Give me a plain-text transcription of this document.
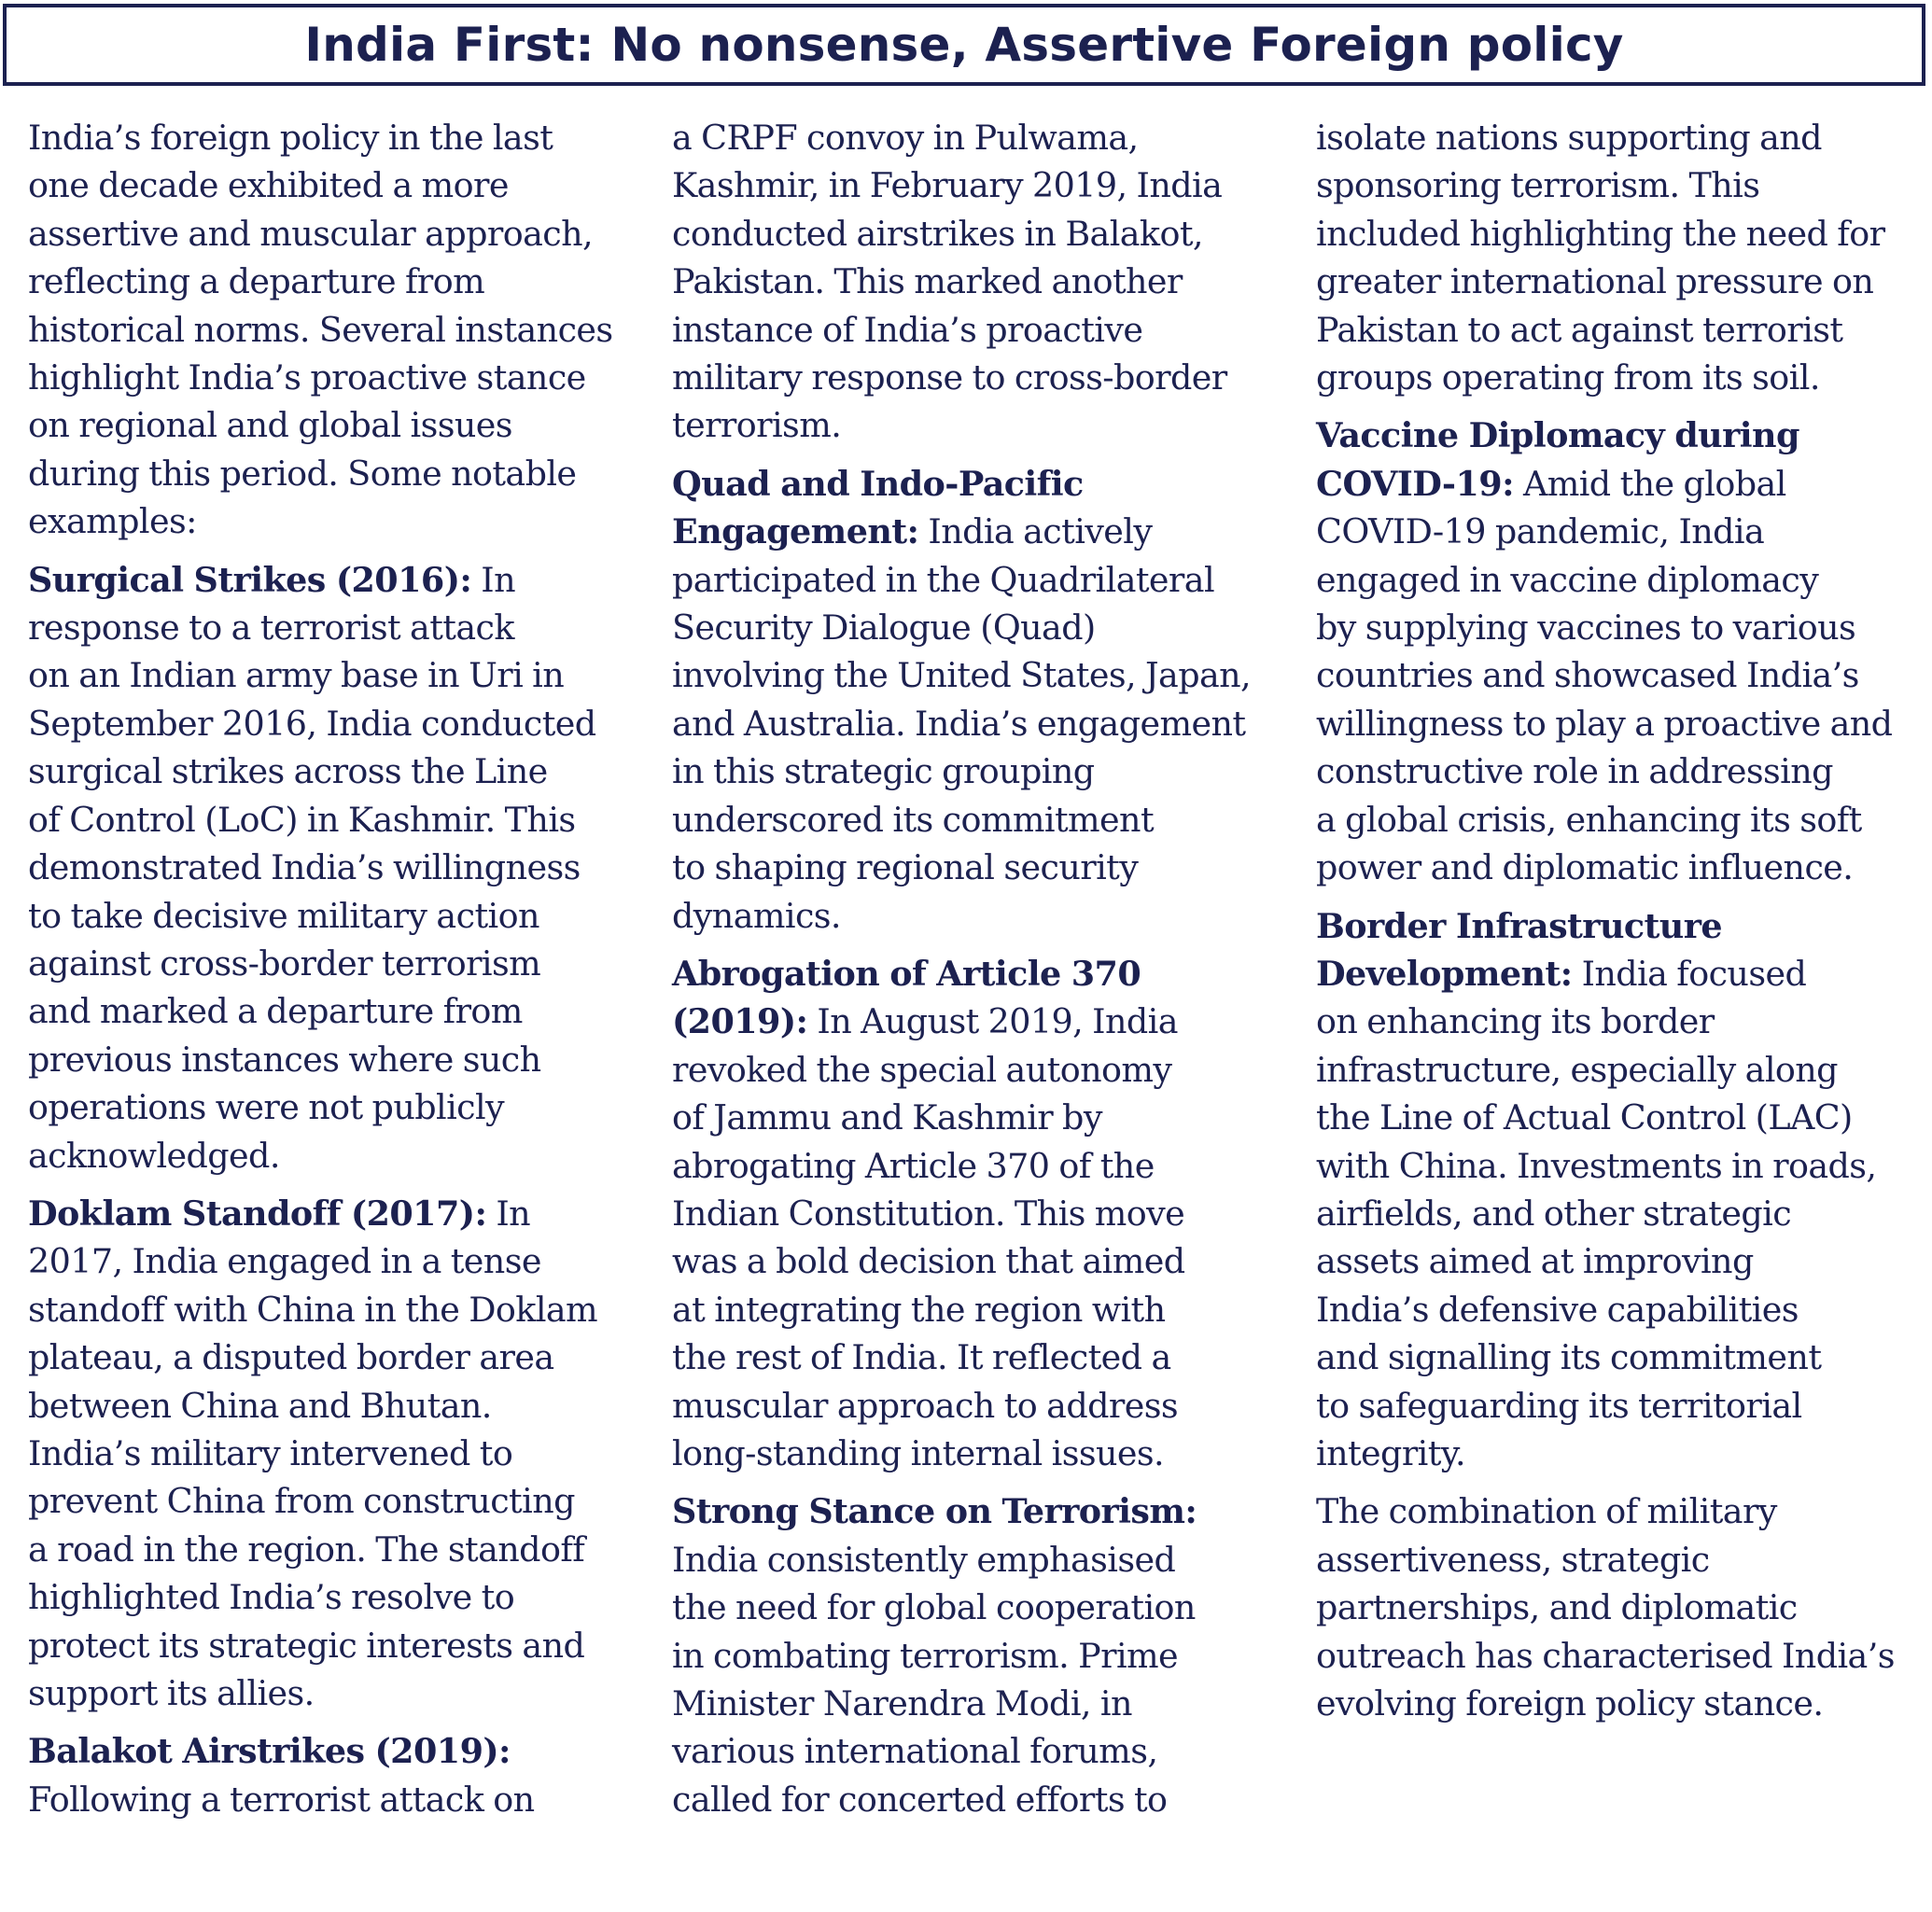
India First: No nonsense, Assertive Foreign policy
India’s foreign policy in the last
one decade exhibited a more
assertive and muscular approach,
reflecting a departure from
historical norms. Several instances
highlight India’s proactive stance
on regional and global issues
during this period. Some notable
examples:
Surgical Strikes (2016): In
response to a terrorist attack
on an Indian army base in Uri in
September 2016, India conducted
surgical strikes across the Line
of Control (LoC) in Kashmir. This
demonstrated India’s willingness
to take decisive military action
against cross-border terrorism
and marked a departure from
previous instances where such
operations were not publicly
acknowledged.
Doklam Standoff (2017): In
2017, India engaged in a tense
standoff with China in the Doklam
plateau, a disputed border area
between China and Bhutan.
India’s military intervened to
prevent China from constructing
a road in the region. The standoff
highlighted India’s resolve to
protect its strategic interests and
support its allies.
Balakot Airstrikes (2019):
Following a terrorist attack on
a CRPF convoy in Pulwama,
Kashmir, in February 2019, India
conducted airstrikes in Balakot,
Pakistan. This marked another
instance of India’s proactive
military response to cross-border
terrorism.
Quad and Indo-Pacific
Engagement: India actively
participated in the Quadrilateral
Security Dialogue (Quad)
involving the United States, Japan,
and Australia. India’s engagement
in this strategic grouping
underscored its commitment
to shaping regional security
dynamics.
Abrogation of Article 370
(2019): In August 2019, India
revoked the special autonomy
of Jammu and Kashmir by
abrogating Article 370 of the
Indian Constitution. This move
was a bold decision that aimed
at integrating the region with
the rest of India. It reflected a
muscular approach to address
long-standing internal issues.
Strong Stance on Terrorism:
India consistently emphasised
the need for global cooperation
in combating terrorism. Prime
Minister Narendra Modi, in
various international forums,
called for concerted efforts to
isolate nations supporting and
sponsoring terrorism. This
included highlighting the need for
greater international pressure on
Pakistan to act against terrorist
groups operating from its soil.
Vaccine Diplomacy during
COVID-19: Amid the global
COVID-19 pandemic, India
engaged in vaccine diplomacy
by supplying vaccines to various
countries and showcased India’s
willingness to play a proactive and
constructive role in addressing
a global crisis, enhancing its soft
power and diplomatic influence.
Border Infrastructure
Development: India focused
on enhancing its border
infrastructure, especially along
the Line of Actual Control (LAC)
with China. Investments in roads,
airfields, and other strategic
assets aimed at improving
India’s defensive capabilities
and signalling its commitment
to safeguarding its territorial
integrity.
The combination of military
assertiveness, strategic
partnerships, and diplomatic
outreach has characterised India’s
evolving foreign policy stance.
